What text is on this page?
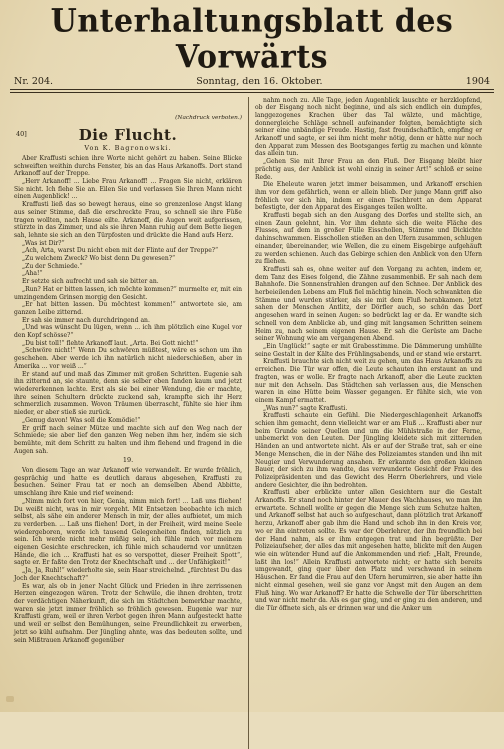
Unterhaltungsblatt des Vorwärts
Nr. 204.	Sonntag, den 16. Oktober.	1904
(Nachdruck verboten.)
40]	Die Flucht.
Von K. Bagronowski.

Aber Kraffusti schien ihre Worte nicht gehört zu haben. Seine Blicke schweiften weithin durchs Fenster, bis an das Haus Arkanoffs. Dort stand Arkanoff auf der Treppe.

„Herr Arkanoff! ... Liebe Frau Arkanoff! ... Fragen Sie nicht, erklären Sie nicht. Ich flehe Sie an. Eilen Sie und verlassen Sie Ihren Mann nicht einen Augenblick! ...

Kraffusti ließ das so bewegt heraus, eine so grenzenlose Angst klang aus seiner Stimme, daß die erschreckte Frau, so schnell sie ihre Füße tragen wollten, nach Hause eilte. Arkanoff, die Augen weit aufgerissen, stürzte in das Zimmer, und als sie ihren Mann ruhig auf dem Bette liegen sah, lehnte sie sich an den Türpfosten und drückte die Hand aufs Herz.

„Was ist Dir?“

„Ach, Arta, warst Du nicht eben mit der Flinte auf der Treppe?“

„Zu welchem Zweck? Wo bist denn Du gewesen?“

„Zu der Schmiede.“

„Aha!“

Er setzte sich aufrecht und sah sie bitter an.

„Run? Hat er bitten lassen, ich möchte kommen?“ murmelte er, mit ein umzingendem Grinsen morgig den Gesicht.

„Er hat bitten lassen. Du möchtest kommen!“ antwortete sie, am ganzen Leibe zitternd.

Er sah sie immer nach durchdringend an.

„Und was wünscht Du lügen, wenn ... ich ihm plötzlich eine Kugel vor den Kopf schösse?“

„Du bist toll!“ flehte Arkanoff laut. „Arta. Bei Gott nicht!“

„Schwöre nicht!“ Wenn Du schwören müßtest, wäre es schon um ihn geschehen. Aber werde ich ihn natürlich nicht niederschießen, aber in Amerika ... vor weiß ...“

Er stand auf und maß das Zimmer mit großen Schritten. Eugenie sah ihn zitternd an, sie staunte, denn sie selber eben fanden kaum und jetzt wiedererkennen lachte. Erst als sie bei einer Wendung, die er machte, ihre seinen Schultern drückte zuckend sah, krampfte sich ihr Herz schmerzlich zusammen. Wovon Träumen überrascht, fühlte sie hier ihm nieder, er aber stieß sie zurück.

„Genug davon! Was soll die Komödie!“

Er griff nach seiner Mütze und machte sich auf den Weg nach der Schmiede; sie aber lief den ganzen Weg neben ihm her, indem sie sich bemühte, mit dem Schritt zu halten und ihm flehend und fragend in die Augen sah.

19.

Von diesem Tage an war Arkanoff wie verwandelt. Er wurde fröhlich, gesprächig und hatte es deutlich daraus abgesehen, Kraffusti zu besuchen. Seiner Frau tat er noch an demselben Abend Abbitte, umschlang ihre Knie und rief weinend:

„Nimm mich fort von hier, Genia, nimm mich fort! ... Laß uns fliehen! Du weißt nicht, was in mir vorgeht. Mit Entsetzen beobachte ich mich selbst, als sähe ein anderer Mensch in mir, der alles aufbietet, um mich zu verderben. ... Laß uns fliehen! Dort, in der Freiheit, wird meine Seele wiedergeboren, werde ich tausend Gelegenheiten finden, nützlich zu sein. Ich werde nicht mehr müßig sein, ich fühle mich vor meinem eigenen Gesichte erschrecken, ich fühle mich schaudernd vor unnützen Hände, die ich ... Kraffusti hat es so verspottet, dieser Freiheit Spott“, sagte er. Er faßte den Trotz der Knechtschaft und ... der Unfähigkeit!“

„Ja, Ja, Ruhl!“ wiederholte sie, sein Haar streichelnd. „fürchtest Du das Joch der Knechtschaft?“

Es war, als ob in jener Nacht Glück und Frieden in ihre zerrissenen Herzen eingezogen wären. Trotz der Schwüle, die ihnen drohten, trotz der verdächtigen Näherkunft, die sich im Städtchen bemerkbar machte, waren sie jetzt immer fröhlich so fröhlich gewesen. Eugenie war nur Kraffusti gram, weil er ihren Verbot gegen ihren Mann aufgesteckt hatte und weil er selbst den Bemühungen, seine Freundlichkeit zu erwerben, jetzt so kühl aufnahm. Der Jüngling ahnte, was das bedeuten sollte, und sein Mißtrauen Arkanoff gegenüber

nahm noch zu. Alle Tage, jeden Augenblick lauschte er herzklopfend, ob der Eisgang noch nicht beginne, und als sich endlich ein dumpfes, langgezogenes Krachen über das Tal wälzte, und mächtige, donnergleiche Schläge schnell aufeinander folgten, bemächtigte sich seiner eine unbändige Freude. Hastig, fast freundschaftlich, empfing er Arkanoff und sagte, er sei ihm nicht mehr nötig, denn er hätte nur noch den Apparat zum Messen des Bootsganges fertig zu machen und könnte das allein tun.

„Gehen Sie mit Ihrer Frau an den Fluß. Der Eisgang bleibt hier prächtig aus, der Anblick ist wohl einzig in seiner Art!“ schloß er seine Rede.

Die Eheleute waren jetzt immer beisammen, und Arkanoff erschien ihm vor dem gefährlich, wenn er allein blieb. Der junge Mann griff also fröhlich vor sich hin, indem er einen Tischbrett an dem Apparat befestigte, der den Apparat des Eisganges teilen wollte.

Kraffusti begab sich an den Ausgang des Dorfes und stellte sich, an einen Zaun gelehnt, hin. Vor ihm dehnte sich die weite Fläche des Flusses, auf dem in großer Fülle Eisschollen, Stämme und Dickichte dahinschwammen. Eisschollen stießen an den Ufern zusammen, schlugen einander, übereinander, wie Wellen, die zu einem Eisgebirge aufgehäuft zu werden schienen. Auch das Gebirge schien den Anblick von den Ufern zu fliehen.

Kraffusti sah es, ohne weiter auf den Vorgang zu achten, indem er, dem Tanz des Eises folgend, die Zähne zusammenbiß. Er sah nach dem Bahnhofe. Die Sonnenstrahlen drangen auf den Schnee. Der Anblick des herbeieilenden Lebens am Fluß fiel mächtig hinein. Noch schwankten die Stämme und wurden stärker, als sie mit dem Fluß herabkamen. Jetzt sahen der Menschen Antlitz, der Dörfler auch, so schön das Dorf angesehen ward in seinen Augen: so bedrückt lag er da. Er wandte sich schnell von dem Anblicke ab, und ging mit langsamen Schritten seinem Heim zu, nach seinem eigenen Hause. Er sah die Gerüste am Dache seiner Wohnung wie am vergangenen Abend.

„Ein Unglück!“ sagte er mit Grabesstimme. Die Dämmerung umhüllte seine Gestalt in der Kälte des Frühlingsabends, und er stand wie erstarrt.

Kraffusti brauchte sich nicht weit zu gehen, um das Haus Arkanoffs zu erreichen. Die Tür war offen, die Leute schauten ihn erstaunt an und fragten, was er wolle. Er fragte nach Arkanoff, aber die Leute zuckten nur mit den Achseln. Das Städtchen sah verlassen aus, die Menschen waren in eine Hütte beim Wasser gegangen. Er fühlte sich, wie von einem Kampf ermattet.

„Was nun?“ sagte Kraffusti.

Kraffusti schaute ein Gefühl. Die Niedergeschlagenheit Arkanoffs schien ihm gemacht, denn vielleicht war er am Fluß ... Kraffusti aber nur beim Grunde seiner Quellen und um die Mühlstraße in der Ferne, unbemerkt von den Leuten. Der Jüngling kleidete sich mit zitternden Händen an und antwortete nicht. Als er auf der Straße trat, sah er eine Menge Menschen, die in der Nähe des Polizeiamtes standen und ihn mit Neugier und Verwunderung ansahen. Er erkannte den großen kleinen Bauer, der sich zu ihm wandte, das verwunderte Gesicht der Frau des Polizeipräsidenten und das Gewicht des Herrn Oberlehrers, und viele andere Gesichter, die ihn bedrohten.

Kraffusti aber erblickte unter allen Gesichtern nur die Gestalt Arkanoffs. Er stand noch hinter der Mauer des Wachhauses, wo man ihn erwartete. Schnell wollte er gegen die Menge sich zum Schutze halten, und Arkanoff selbst hat auch so aufgeschaut, dann plötzlich trat Arkanoff herzu, Arkanoff aber gab ihm die Hand und schob ihn in den Kreis vor, wo er ihn eintreten sollte. Es war der Oberlehrer, der ihn freundlich bei der Hand nahm, als er ihm entgegen trat und ihn begrüßte. Der Polizeiaufseher, der alles das mit angesehen hatte, blickte mit den Augen wie ein wütender Hund auf die Ankommenden und rief: „Halt, Freunde, laßt ihn los!“ Allein Kraffusti antwortete nicht; er hatte sich bereits umgewandt, ging quer über den Platz und verschwand in seinem Häuschen. Er fand die Frau auf den Ufern herumirren, sie aber hatte ihn nicht einmal gesehen, weil sie ganz vor Angst mit den Augen an dem Fluß hing. Wo war Arkanoff? Er hatte die Schwelle der Tür überschritten und war nicht mehr da. Als es gar ging, und er ging zu den anderen, und die Tür öffnete sich, als er drinnen war und die Anker um
